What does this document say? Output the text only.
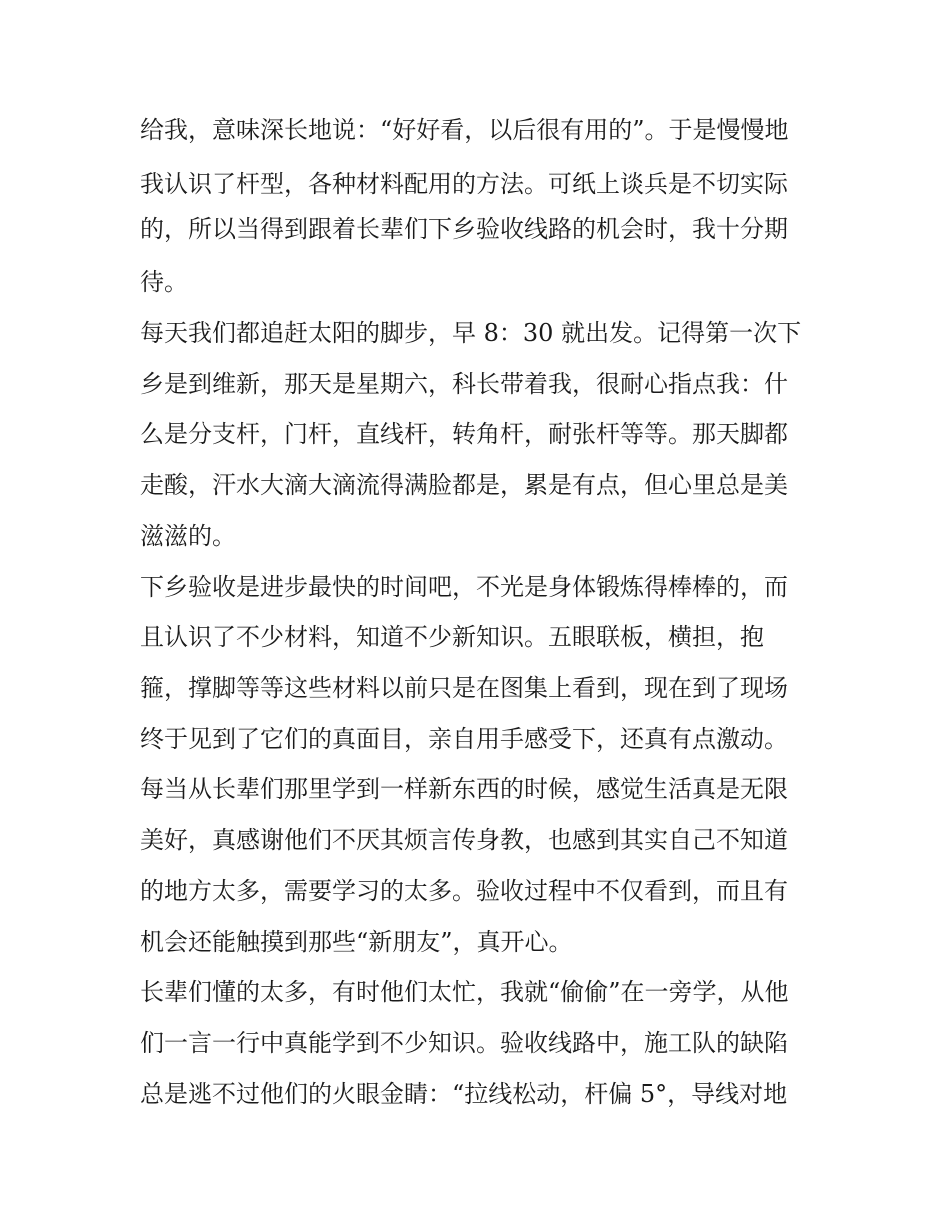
给我，意味深长地说：“好好看，以后很有用的”。于是慢慢地
我认识了杆型，各种材料配用的方法。可纸上谈兵是不切实际
的，所以当得到跟着长辈们下乡验收线路的机会时，我十分期
待。
每天我们都追赶太阳的脚步，早 8：30 就出发。记得第一次下
乡是到维新，那天是星期六，科长带着我，很耐心指点我：什
么是分支杆，门杆，直线杆，转角杆，耐张杆等等。那天脚都
走酸，汗水大滴大滴流得满脸都是，累是有点，但心里总是美
滋滋的。
下乡验收是进步最快的时间吧，不光是身体锻炼得棒棒的，而
且认识了不少材料，知道不少新知识。五眼联板，横担，抱
箍，撑脚等等这些材料以前只是在图集上看到，现在到了现场
终于见到了它们的真面目，亲自用手感受下，还真有点激动。
每当从长辈们那里学到一样新东西的时候，感觉生活真是无限
美好，真感谢他们不厌其烦言传身教，也感到其实自己不知道
的地方太多，需要学习的太多。验收过程中不仅看到，而且有
机会还能触摸到那些“新朋友”，真开心。
长辈们懂的太多，有时他们太忙，我就“偷偷”在一旁学，从他
们一言一行中真能学到不少知识。验收线路中，施工队的缺陷
总是逃不过他们的火眼金睛：“拉线松动，杆偏 5°，导线对地
